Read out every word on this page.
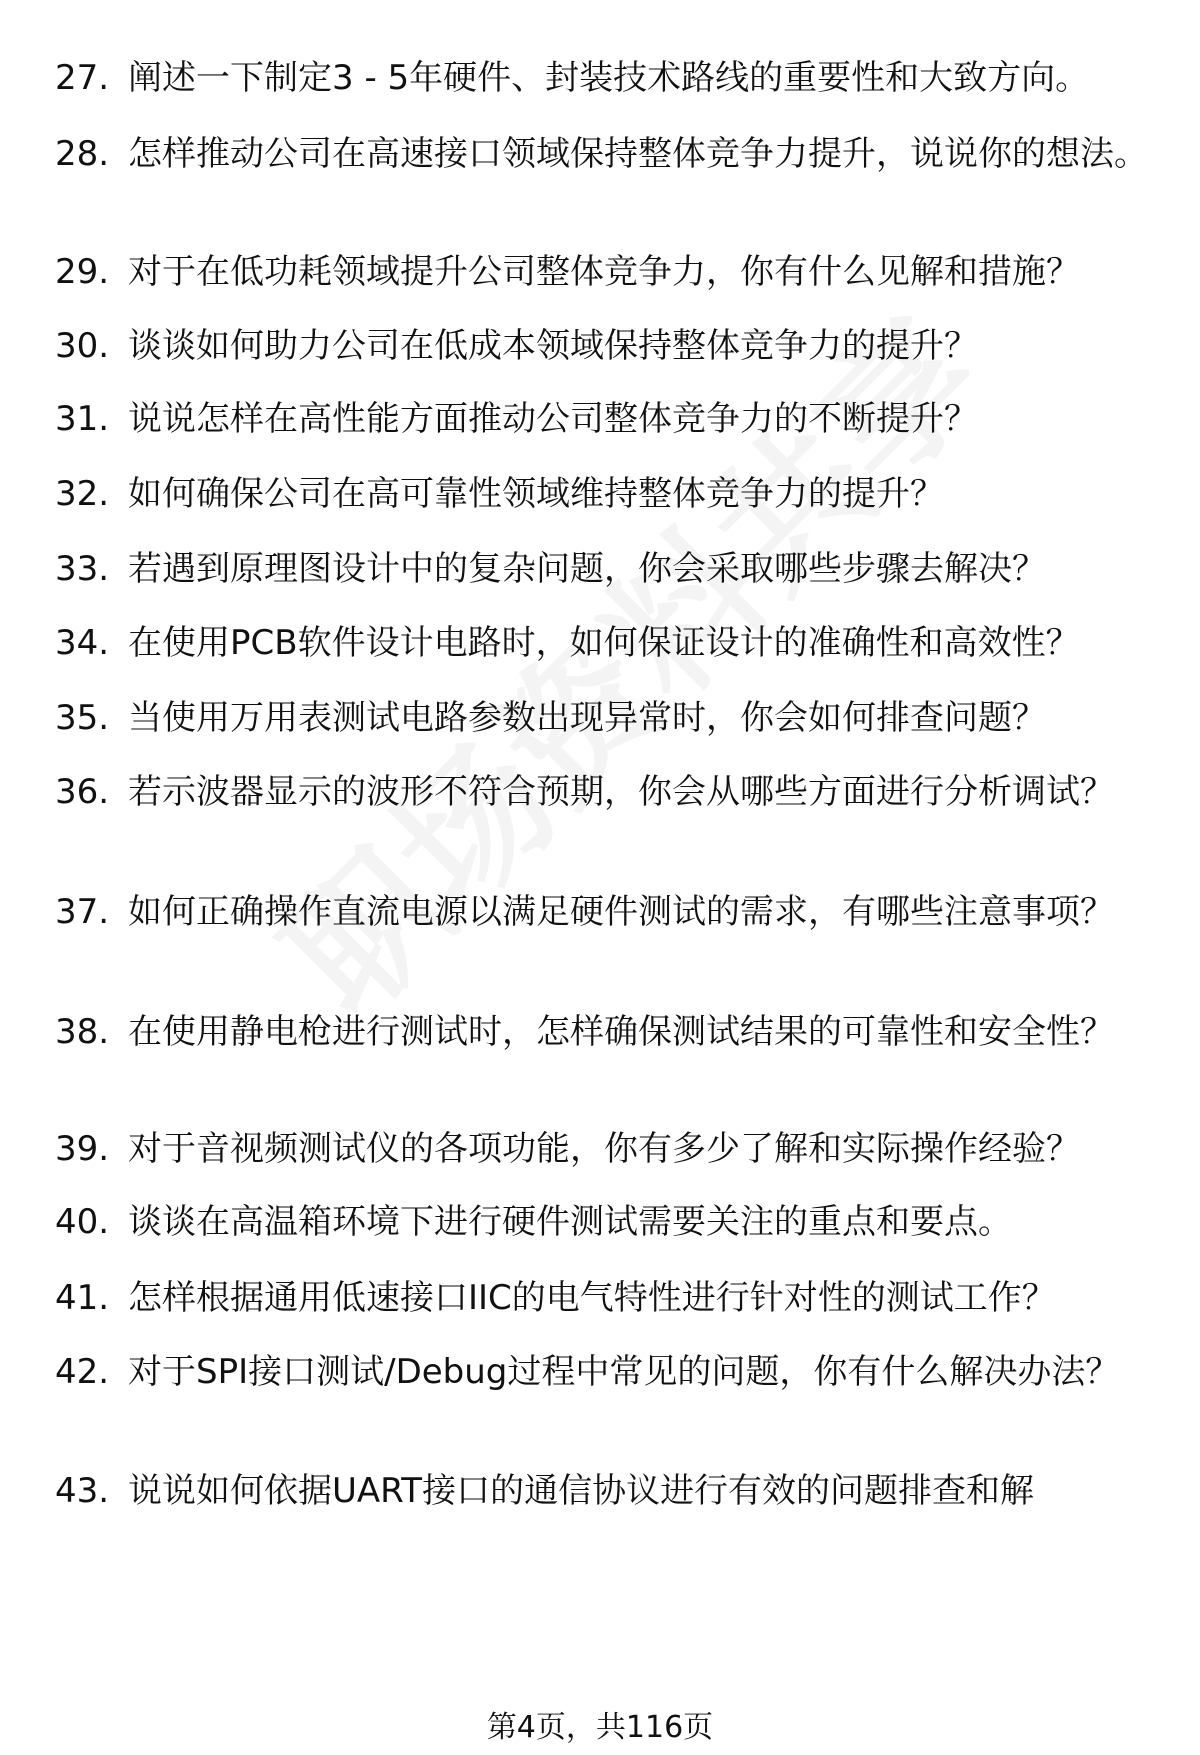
27. 阐述一下制定3 - 5年硬件、封装技术路线的重要性和大致方向。
28. 怎样推动公司在高速接口领域保持整体竞争力提升，说说你的想法。
29. 对于在低功耗领域提升公司整体竞争力，你有什么见解和措施？
30. 谈谈如何助力公司在低成本领域保持整体竞争力的提升？
31. 说说怎样在高性能方面推动公司整体竞争力的不断提升？
32. 如何确保公司在高可靠性领域维持整体竞争力的提升？
33. 若遇到原理图设计中的复杂问题，你会采取哪些步骤去解决？
34. 在使用PCB软件设计电路时，如何保证设计的准确性和高效性？
35. 当使用万用表测试电路参数出现异常时，你会如何排查问题？
36. 若示波器显示的波形不符合预期，你会从哪些方面进行分析调试？
37. 如何正确操作直流电源以满足硬件测试的需求，有哪些注意事项？
38. 在使用静电枪进行测试时，怎样确保测试结果的可靠性和安全性？
39. 对于音视频测试仪的各项功能，你有多少了解和实际操作经验？
40. 谈谈在高温箱环境下进行硬件测试需要关注的重点和要点。
41. 怎样根据通用低速接口IIC的电气特性进行针对性的测试工作？
42. 对于SPI接口测试/Debug过程中常见的问题，你有什么解决办法？
43. 说说如何依据UART接口的通信协议进行有效的问题排查和解
第4页，共116页
